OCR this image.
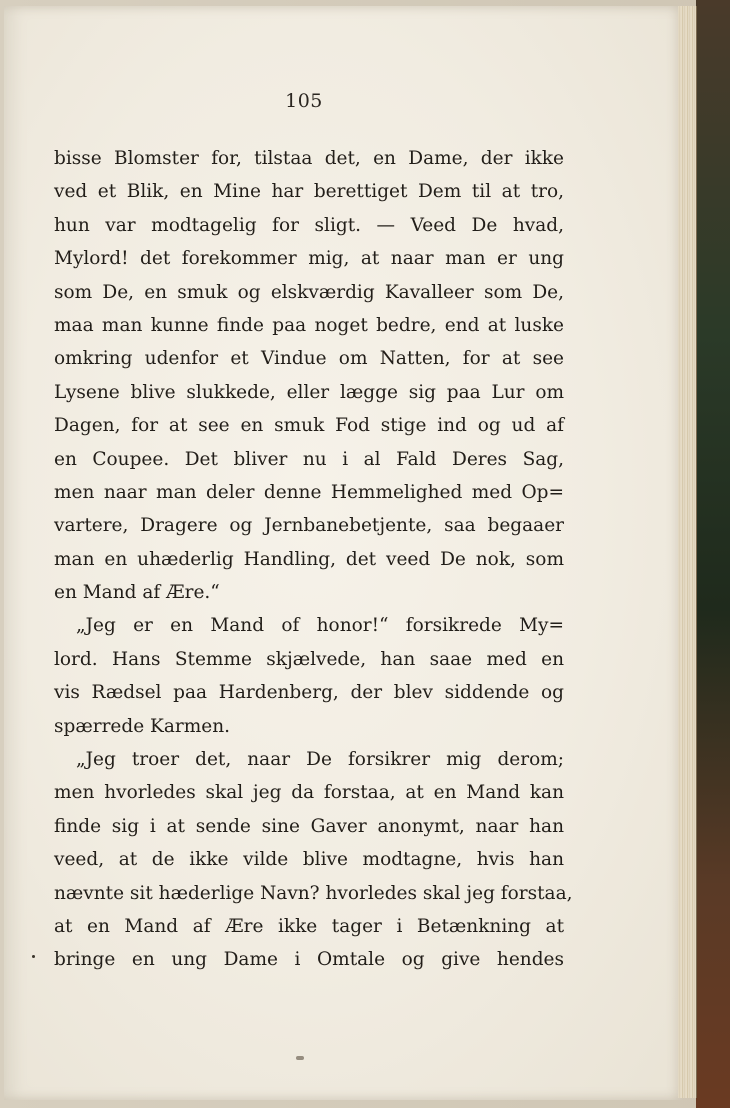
105
bisse Blomster for, tilstaa det, en Dame, der ikke
ved et Blik, en Mine har berettiget Dem til at tro,
hun var modtagelig for sligt. — Veed De hvad,
Mylord! det forekommer mig, at naar man er ung
som De, en smuk og elskværdig Kavalleer som De,
maa man kunne finde paa noget bedre, end at luske
omkring udenfor et Vindue om Natten, for at see
Lysene blive slukkede, eller lægge sig paa Lur om
Dagen, for at see en smuk Fod stige ind og ud af
en Coupee. Det bliver nu i al Fald Deres Sag,
men naar man deler denne Hemmelighed med Op=
vartere, Dragere og Jernbanebetjente, saa begaaer
man en uhæderlig Handling, det veed De nok, som
en Mand af Ære.“
„Jeg er en Mand of honor!“ forsikrede My=
lord. Hans Stemme skjælvede, han saae med en
vis Rædsel paa Hardenberg, der blev siddende og
spærrede Karmen.
„Jeg troer det, naar De forsikrer mig derom;
men hvorledes skal jeg da forstaa, at en Mand kan
finde sig i at sende sine Gaver anonymt, naar han
veed, at de ikke vilde blive modtagne, hvis han
nævnte sit hæderlige Navn? hvorledes skal jeg forstaa,
at en Mand af Ære ikke tager i Betænkning at
bringe en ung Dame i Omtale og give hendes
